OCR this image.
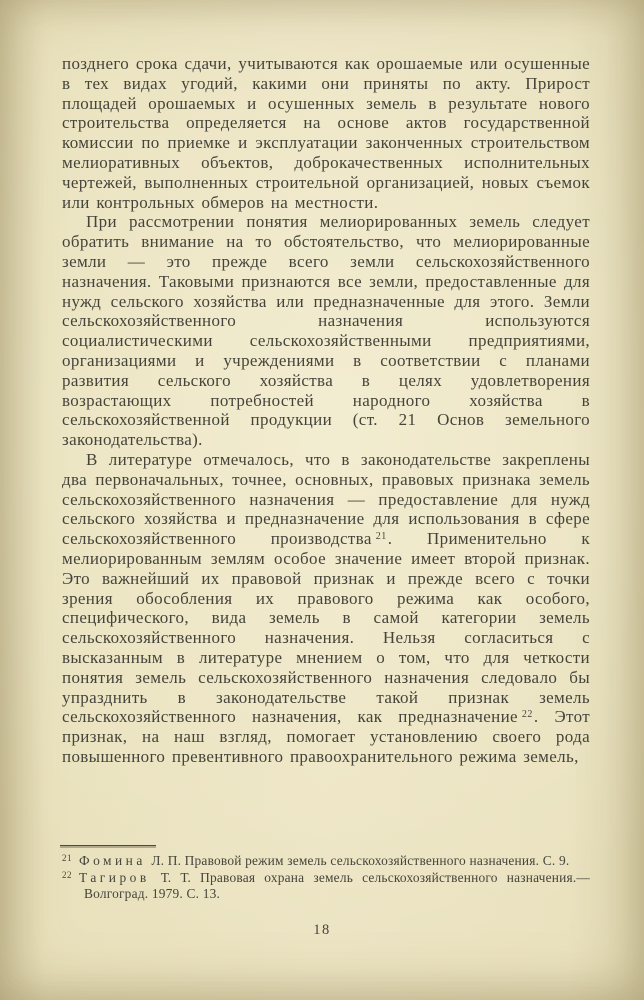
позднего срока сдачи, учитываются как орошаемые или осушенные в тех видах угодий, какими они приняты по акту. Прирост площадей орошаемых и осушенных земель в результате нового строительства определяется на основе актов государственной комиссии по приемке и эксплуатации законченных строительством мелиоративных объектов, доброкачественных исполнительных чертежей, выполненных строительной организацией, новых съемок или контрольных обмеров на местности.

При рассмотрении понятия мелиорированных земель следует обратить внимание на то обстоятельство, что мелиорированные земли — это прежде всего земли сельскохозяйственного назначения. Таковыми признаются все земли, предоставленные для нужд сельского хозяйства или предназначенные для этого. Земли сельскохозяйственного назначения используются социалистическими сельскохозяйственными предприятиями, организациями и учреждениями в соответствии с планами развития сельского хозяйства в целях удовлетворения возрастающих потребностей народного хозяйства в сельскохозяйственной продукции (ст. 21 Основ земельного законодательства).

В литературе отмечалось, что в законодательстве закреплены два первоначальных, точнее, основных, правовых признака земель сельскохозяйственного назначения — предоставление для нужд сельского хозяйства и предназначение для использования в сфере сельскохозяйственного производства $^{21}$. Применительно к мелиорированным землям особое значение имеет второй признак. Это важнейший их правовой признак и прежде всего с точки зрения обособления их правового режима как особого, специфического, вида земель в самой категории земель сельскохозяйственного назначения. Нельзя согласиться с высказанным в литературе мнением о том, что для четкости понятия земель сельскохозяйственного назначения следовало бы упразднить в законодательстве такой признак земель сельскохозяйственного назначения, как предназначение $^{22}$. Этот признак, на наш взгляд, помогает установлению своего рода повышенного превентивного правоохранительного режима земель,

$^{21}$ Фомина Л. П. Правовой режим земель сельскохозяйственного назначения. С. 9.

$^{22}$ Тагиров Т. Т. Правовая охрана земель сельскохозяйственного назначения.— Волгоград. 1979. С. 13.

18
